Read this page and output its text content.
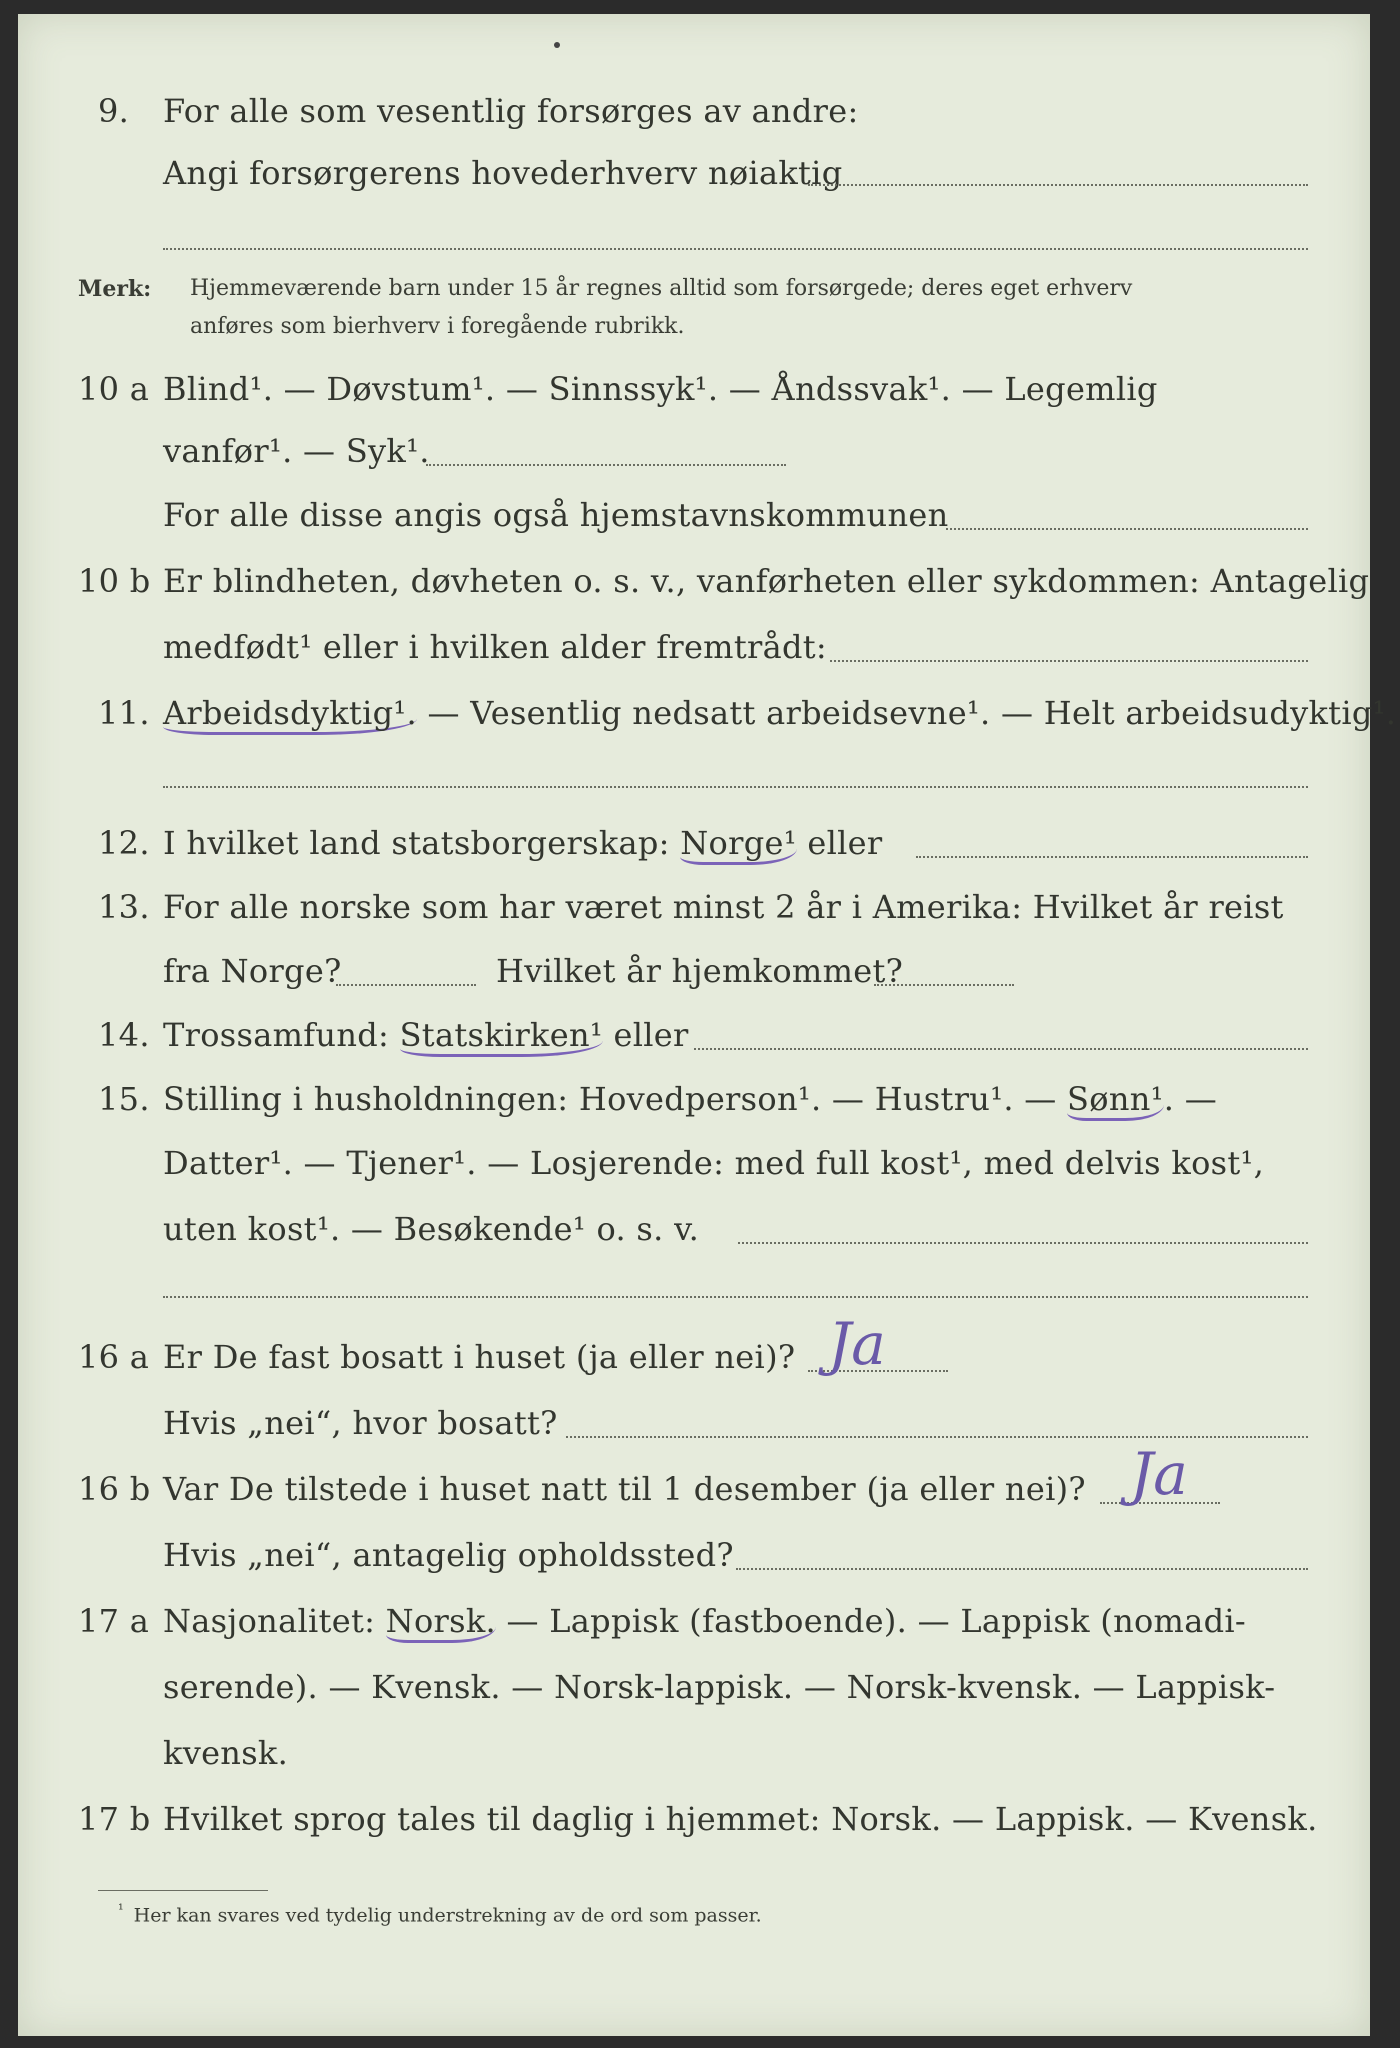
9. For alle som vesentlig forsørges av andre:
Angi forsørgerens hovederhverv nøiaktig
Merk: Hjemmeværende barn under 15 år regnes alltid som forsørgede; deres eget erhverv
anføres som bierhverv i foregående rubrikk.
10 a Blind¹. — Døvstum¹. — Sinnssyk¹. — Åndssvak¹. — Legemlig
vanfør¹. — Syk¹.
For alle disse angis også hjemstavnskommunen
10 b Er blindheten, døvheten o. s. v., vanførheten eller sykdommen: Antagelig
medfødt¹ eller i hvilken alder fremtrådt:
11. Arbeidsdyktig¹. — Vesentlig nedsatt arbeidsevne¹. — Helt arbeidsudyktig¹.
12. I hvilket land statsborgerskap: Norge¹ eller
13. For alle norske som har været minst 2 år i Amerika: Hvilket år reist
fra Norge?	Hvilket år hjemkommet?
14. Trossamfund: Statskirken¹ eller
15. Stilling i husholdningen: Hovedperson¹. — Hustru¹. — Sønn¹. —
Datter¹. — Tjener¹. — Losjerende: med full kost¹, med delvis kost¹,
uten kost¹. — Besøkende¹ o. s. v.
16 a Er De fast bosatt i huset (ja eller nei)? Ja
Hvis „nei“, hvor bosatt?
16 b Var De tilstede i huset natt til 1 desember (ja eller nei)? Ja
Hvis „nei“, antagelig opholdssted?
17 a Nasjonalitet: Norsk. — Lappisk (fastboende). — Lappisk (nomadi-
serende). — Kvensk. — Norsk-lappisk. — Norsk-kvensk. — Lappisk-
kvensk.
17 b Hvilket sprog tales til daglig i hjemmet: Norsk. — Lappisk. — Kvensk.
$^{^1}$ Her kan svares ved tydelig understrekning av de ord som passer.
